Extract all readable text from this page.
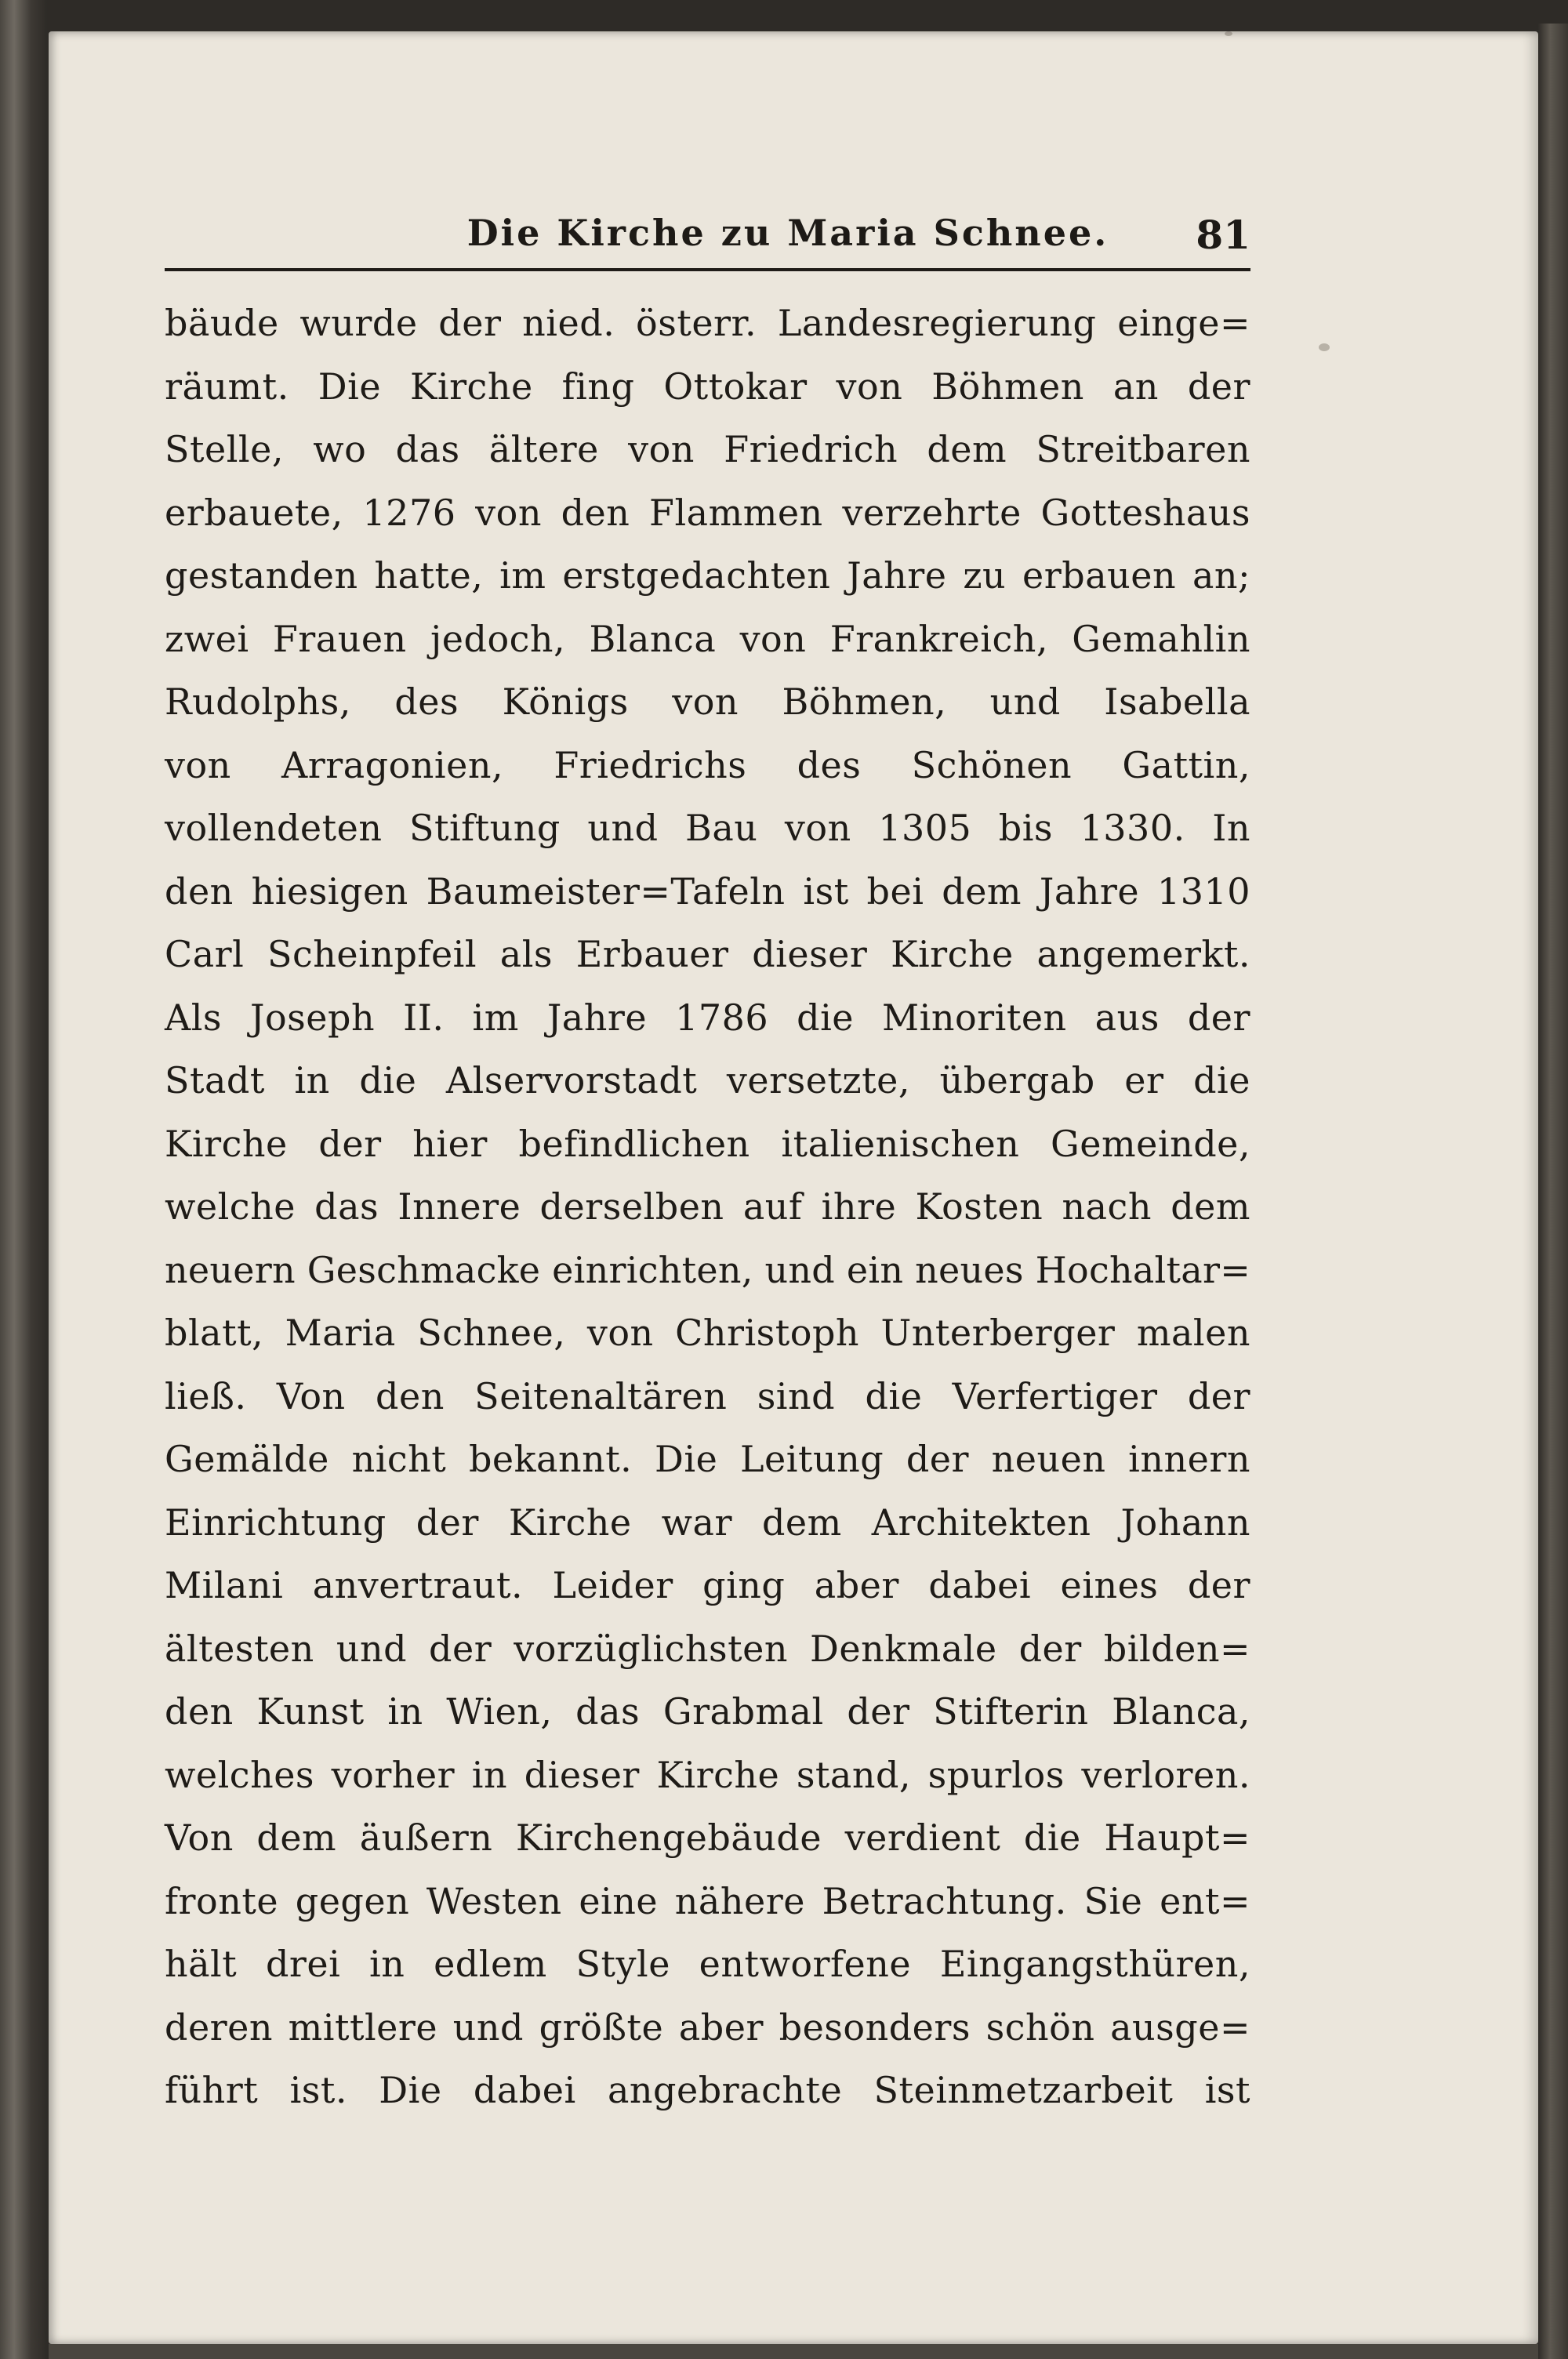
Die Kirche zu Maria Schnee.	81
bäude wurde der nied. österr. Landesregierung einge=
räumt. Die Kirche fing Ottokar von Böhmen an der
Stelle, wo das ältere von Friedrich dem Streitbaren
erbauete, 1276 von den Flammen verzehrte Gotteshaus
gestanden hatte, im erstgedachten Jahre zu erbauen an;
zwei Frauen jedoch, Blanca von Frankreich, Gemahlin
Rudolphs, des Königs von Böhmen, und Isabella
von Arragonien, Friedrichs des Schönen Gattin,
vollendeten Stiftung und Bau von 1305 bis 1330. In
den hiesigen Baumeister=Tafeln ist bei dem Jahre 1310
Carl Scheinpfeil als Erbauer dieser Kirche angemerkt.
Als Joseph II. im Jahre 1786 die Minoriten aus der
Stadt in die Alservorstadt versetzte, übergab er die
Kirche der hier befindlichen italienischen Gemeinde,
welche das Innere derselben auf ihre Kosten nach dem
neuern Geschmacke einrichten, und ein neues Hochaltar=
blatt, Maria Schnee, von Christoph Unterberger malen
ließ. Von den Seitenaltären sind die Verfertiger der
Gemälde nicht bekannt. Die Leitung der neuen innern
Einrichtung der Kirche war dem Architekten Johann
Milani anvertraut. Leider ging aber dabei eines der
ältesten und der vorzüglichsten Denkmale der bilden=
den Kunst in Wien, das Grabmal der Stifterin Blanca,
welches vorher in dieser Kirche stand, spurlos verloren.
Von dem äußern Kirchengebäude verdient die Haupt=
fronte gegen Westen eine nähere Betrachtung. Sie ent=
hält drei in edlem Style entworfene Eingangsthüren,
deren mittlere und größte aber besonders schön ausge=
führt ist. Die dabei angebrachte Steinmetzarbeit ist
